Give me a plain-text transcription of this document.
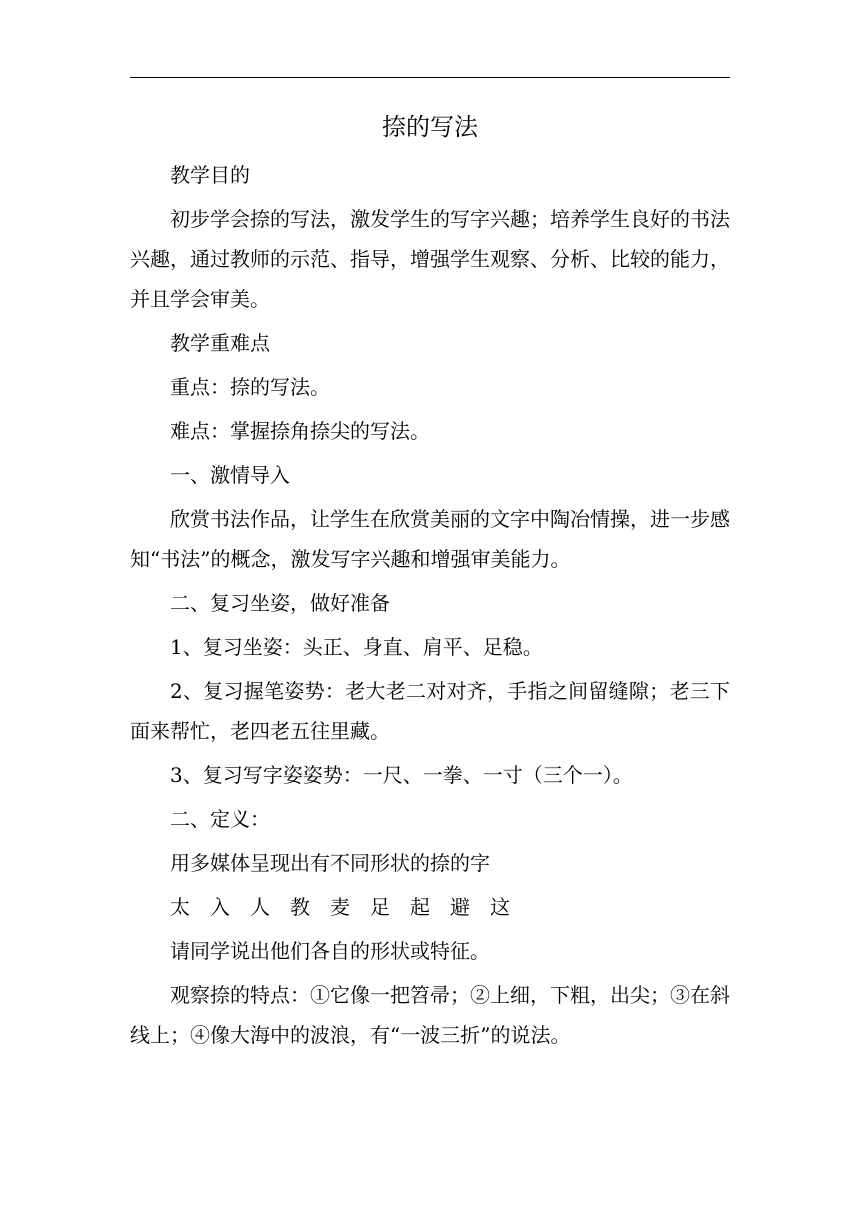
捺的写法

教学目的

初步学会捺的写法，激发学生的写字兴趣；培养学生良好的书法兴趣，通过教师的示范、指导，增强学生观察、分析、比较的能力，并且学会审美。

教学重难点

重点：捺的写法。

难点：掌握捺角捺尖的写法。

一、激情导入

欣赏书法作品，让学生在欣赏美丽的文字中陶冶情操，进一步感知“书法”的概念，激发写字兴趣和增强审美能力。

二、复习坐姿，做好准备

1、复习坐姿：头正、身直、肩平、足稳。

2、复习握笔姿势：老大老二对对齐，手指之间留缝隙；老三下面来帮忙，老四老五往里藏。

3、复习写字姿姿势：一尺、一拳、一寸（三个一）。

二、定义：

用多媒体呈现出有不同形状的捺的字

太	入	人	教	麦	足	起	避	这

请同学说出他们各自的形状或特征。

观察捺的特点：①它像一把笤帚；②上细，下粗，出尖；③在斜线上；④像大海中的波浪，有“一波三折”的说法。
